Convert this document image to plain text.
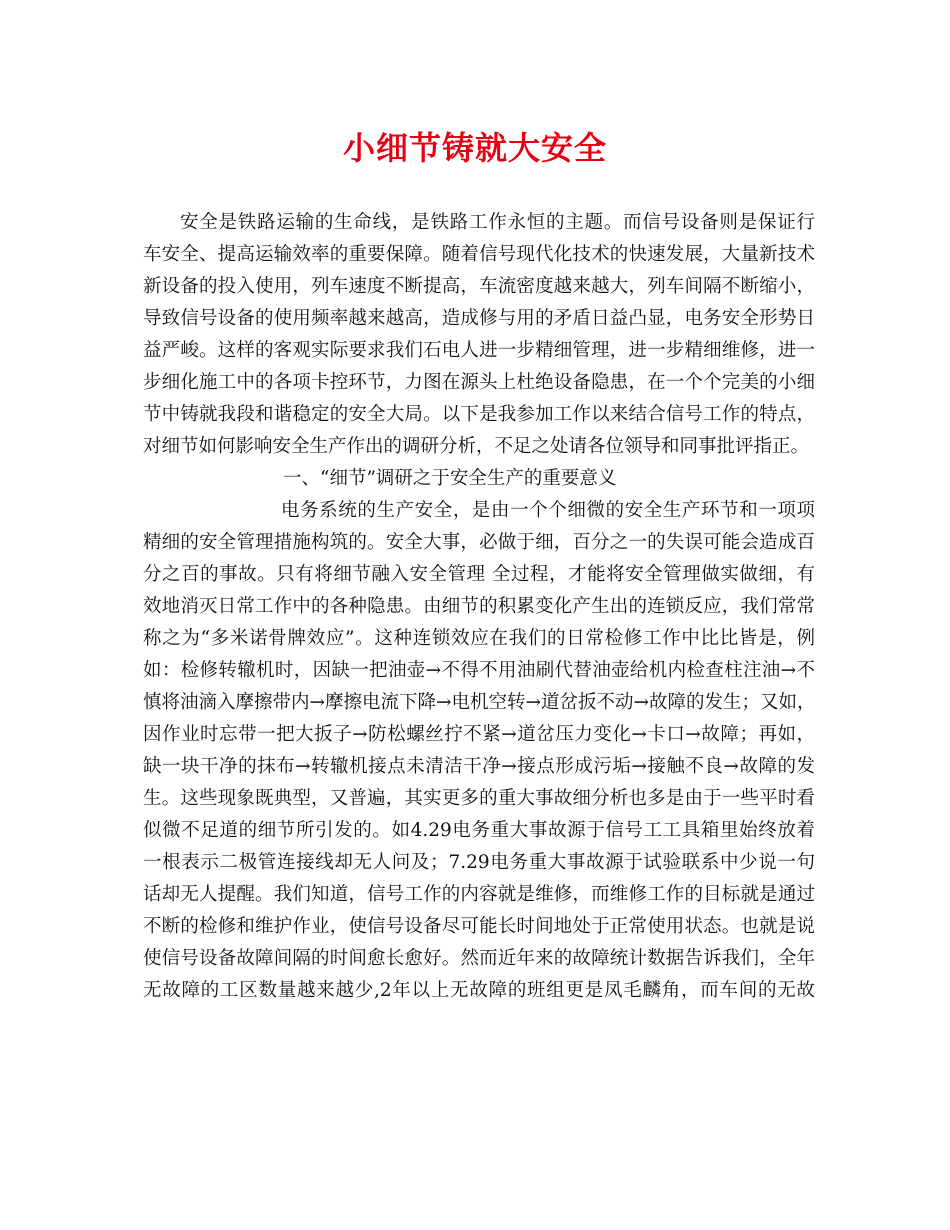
小细节铸就大安全
安全是铁路运输的生命线，是铁路工作永恒的主题。而信号设备则是保证行
车安全、提高运输效率的重要保障。随着信号现代化技术的快速发展，大量新技术
新设备的投入使用，列车速度不断提高，车流密度越来越大，列车间隔不断缩小，
导致信号设备的使用频率越来越高，造成修与用的矛盾日益凸显，电务安全形势日
益严峻。这样的客观实际要求我们石电人进一步精细管理，进一步精细维修，进一
步细化施工中的各项卡控环节，力图在源头上杜绝设备隐患，在一个个完美的小细
节中铸就我段和谐稳定的安全大局。以下是我参加工作以来结合信号工作的特点，
对细节如何影响安全生产作出的调研分析，不足之处请各位领导和同事批评指正。
一、“细节”调研之于安全生产的重要意义
电务系统的生产安全，是由一个个细微的安全生产环节和一项项
精细的安全管理措施构筑的。安全大事，必做于细，百分之一的失误可能会造成百
分之百的事故。只有将细节融入安全管理 全过程，才能将安全管理做实做细，有
效地消灭日常工作中的各种隐患。由细节的积累变化产生出的连锁反应，我们常常
称之为“多米诺骨牌效应”。这种连锁效应在我们的日常检修工作中比比皆是，例
如：检修转辙机时，因缺一把油壶→不得不用油刷代替油壶给机内检查柱注油→不
慎将油滴入摩擦带内→摩擦电流下降→电机空转→道岔扳不动→故障的发生；又如，
因作业时忘带一把大扳子→防松螺丝拧不紧→道岔压力变化→卡口→故障；再如，
缺一块干净的抹布→转辙机接点未清洁干净→接点形成污垢→接触不良→故障的发
生。这些现象既典型，又普遍，其实更多的重大事故细分析也多是由于一些平时看
似微不足道的细节所引发的。如4.29电务重大事故源于信号工工具箱里始终放着
一根表示二极管连接线却无人问及；7.29电务重大事故源于试验联系中少说一句
话却无人提醒。我们知道，信号工作的内容就是维修，而维修工作的目标就是通过
不断的检修和维护作业，使信号设备尽可能长时间地处于正常使用状态。也就是说
使信号设备故障间隔的时间愈长愈好。然而近年来的故障统计数据告诉我们，全年
无故障的工区数量越来越少,2年以上无故障的班组更是凤毛麟角，而车间的无故
